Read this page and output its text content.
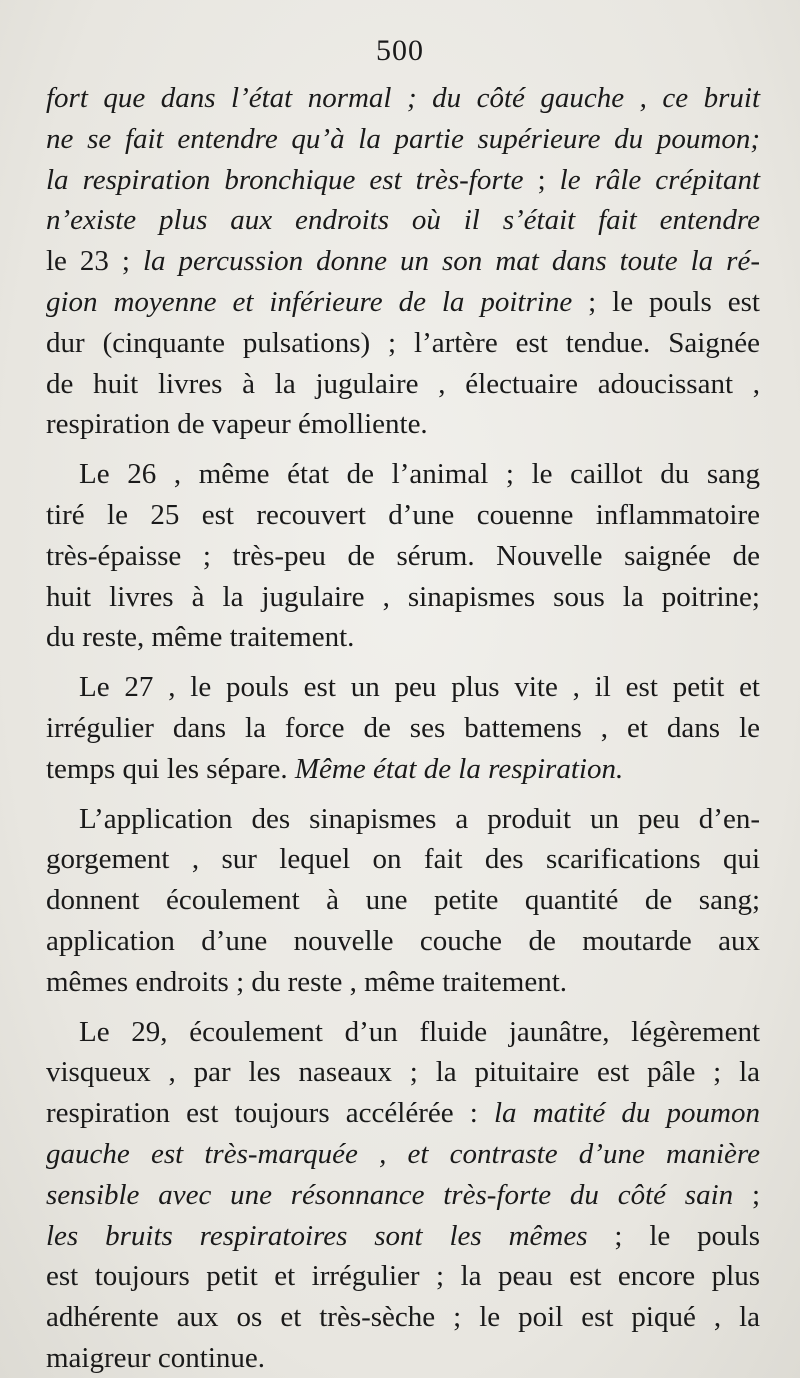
500
fort que dans l’état normal ; du côté gauche , ce bruit
ne se fait entendre qu’à la partie supérieure du poumon;
la respiration bronchique est très-forte ; le râle crépitant
n’existe plus aux endroits où il s’était fait entendre
le 23 ; la percussion donne un son mat dans toute la ré-
gion moyenne et inférieure de la poitrine ; le pouls est
dur (cinquante pulsations) ; l’artère est tendue. Saignée
de huit livres à la jugulaire , électuaire adoucissant ,
respiration de vapeur émolliente.
Le 26 , même état de l’animal ; le caillot du sang
tiré le 25 est recouvert d’une couenne inflammatoire
très-épaisse ; très-peu de sérum. Nouvelle saignée de
huit livres à la jugulaire , sinapismes sous la poitrine;
du reste, même traitement.
Le 27 , le pouls est un peu plus vite , il est petit et
irrégulier dans la force de ses battemens , et dans le
temps qui les sépare. Même état de la respiration.
L’application des sinapismes a produit un peu d’en-
gorgement , sur lequel on fait des scarifications qui
donnent écoulement à une petite quantité de sang;
application d’une nouvelle couche de moutarde aux
mêmes endroits ; du reste , même traitement.
Le 29, écoulement d’un fluide jaunâtre, légèrement
visqueux , par les naseaux ; la pituitaire est pâle ; la
respiration est toujours accélérée : la matité du poumon
gauche est très-marquée , et contraste d’une manière
sensible avec une résonnance très-forte du côté sain ;
les bruits respiratoires sont les mêmes ; le pouls
est toujours petit et irrégulier ; la peau est encore plus
adhérente aux os et très-sèche ; le poil est piqué , la
maigreur continue.
